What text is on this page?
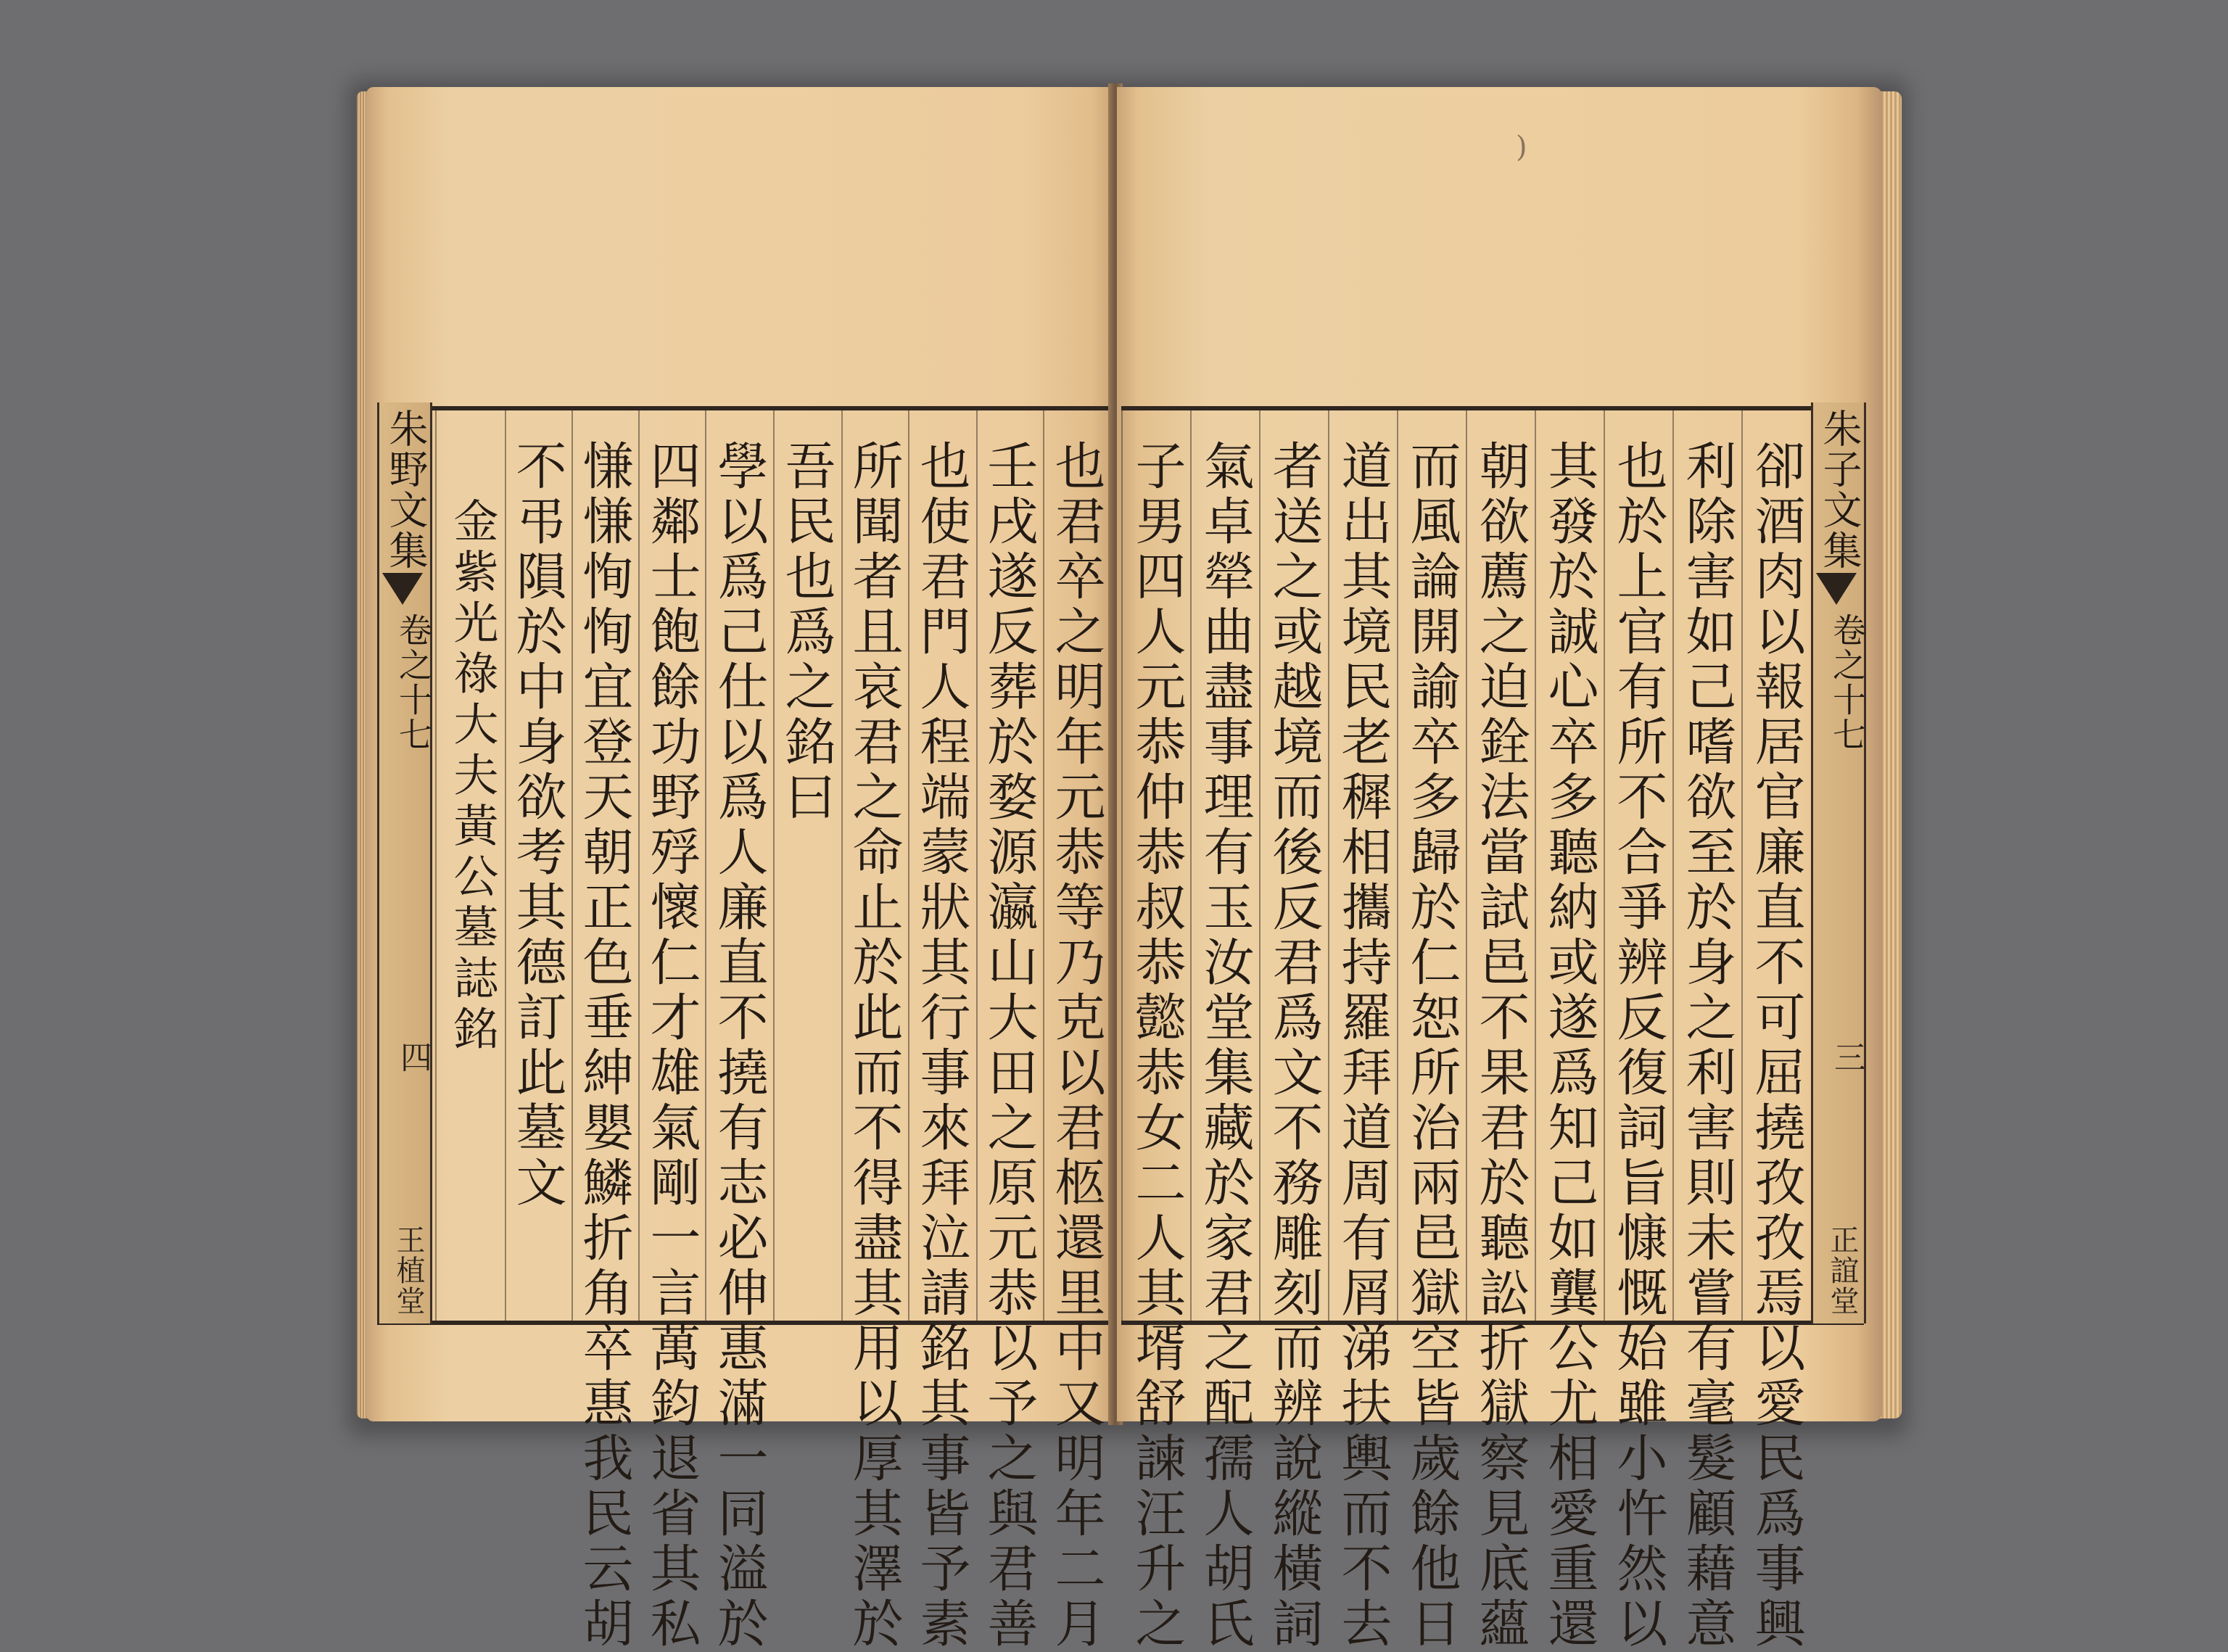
也君卒之明年元恭等乃克以君柩還里中又明年二月
壬戌遂反葬於婺源瀛山大田之原元恭以予之與君善
也使君門人程端蒙狀其行事來拜泣請銘其事皆予素
所聞者且哀君之命止於此而不得盡其用以厚其澤於
吾民也爲之銘曰
學以爲己仕以爲人廉直不撓有志必伸惠滿一同溢於
四鄰士飽餘功野殍懷仁才雄氣剛一言萬鈞退省其私
慊慊恂恂宜登天朝正色垂紳嬰鱗折角卒惠我民云胡
不弔隕於中身欲考其德訂此墓文
金紫光祿大夫黃公墓誌銘
朱野文集
卷之十七
四
王植堂
)
卻酒肉以報居官廉直不可屈撓孜孜焉以愛民爲事興
利除害如己嗜欲至於身之利害則未嘗有毫髮顧藉意
也於上官有所不合爭辨反復詞旨慷慨始雖小忤然以
其發於誠心卒多聽納或遂爲知己如龔公尤相愛重還
朝欲薦之迫銓法當試邑不果君於聽訟折獄察見底蘊
而風論開諭卒多歸於仁恕所治兩邑獄空皆歲餘他日
道出其境民老穉相攜持羅拜道周有屑涕扶輿而不去
者送之或越境而後反君爲文不務雕刻而辨說縱橫詞
氣卓犖曲盡事理有玉汝堂集藏於家君之配孺人胡氏
子男四人元恭仲恭叔恭懿恭女二人其壻舒諫汪升之	朱子文集
卷之十七
三
正誼堂
